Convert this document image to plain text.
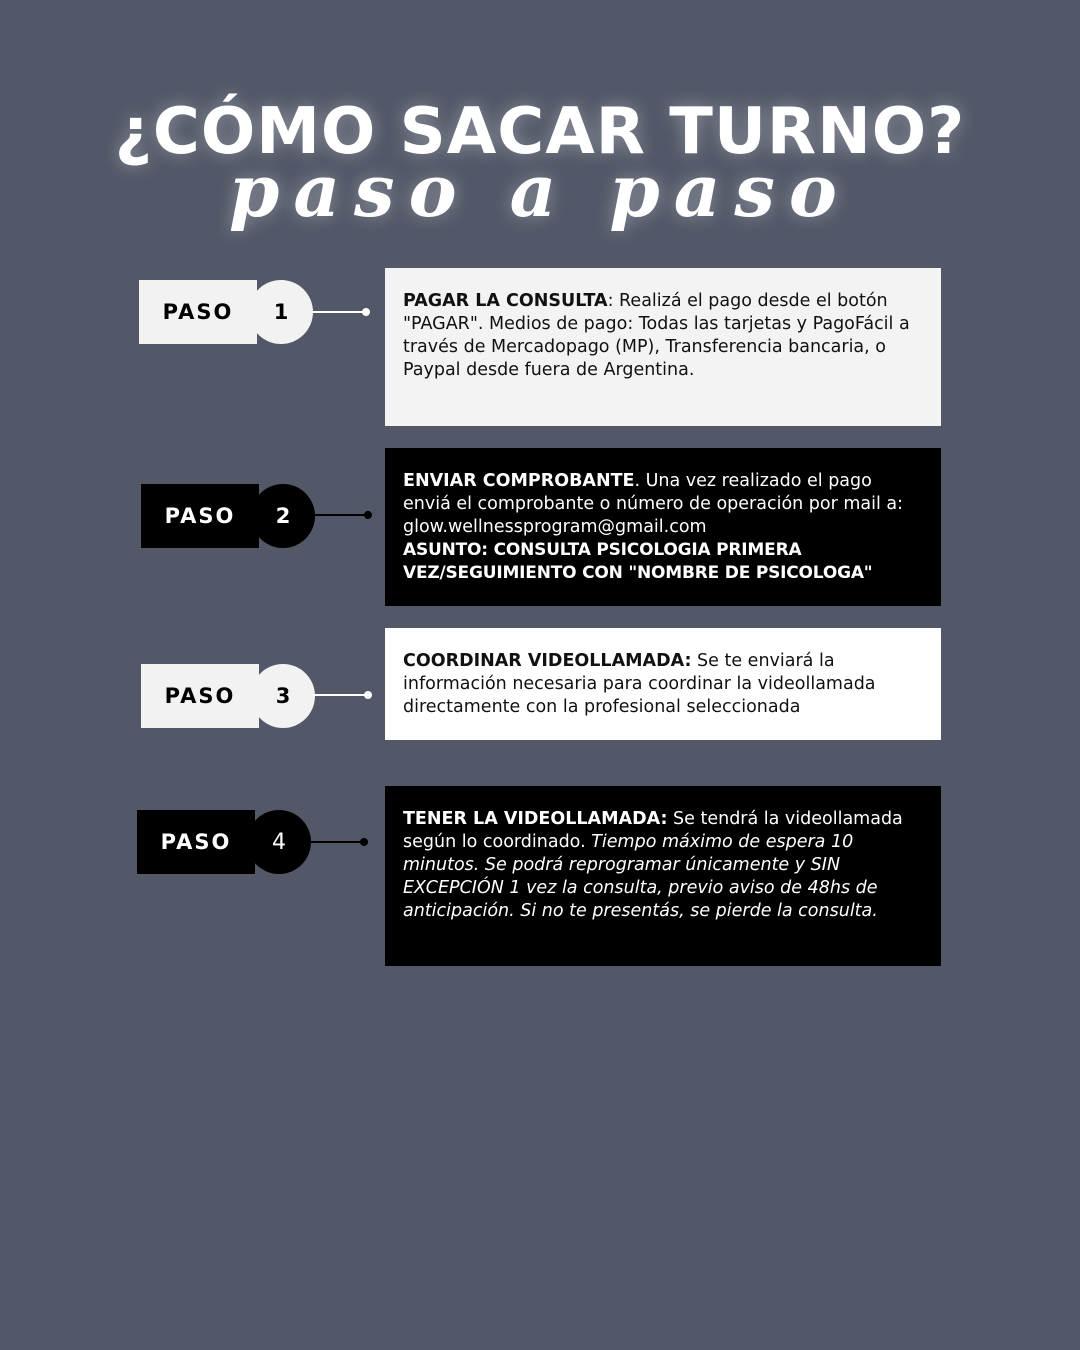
¿CÓMO SACAR TURNO?
paso a paso
PASO	1	PAGAR LA CONSULTA: Realizá el pago desde el botón "PAGAR". Medios de pago: Todas las tarjetas y PagoFácil a través de Mercadopago (MP), Transferencia bancaria, o Paypal desde fuera de Argentina.
PASO	2
ENVIAR COMPROBANTE. Una vez realizado el pago enviá el comprobante o número de operación por mail a: glow.wellnessprogram@gmail.com
ASUNTO: CONSULTA PSICOLOGIA PRIMERA VEZ/SEGUIMIENTO CON "NOMBRE DE PSICOLOGA"
PASO	3
COORDINAR VIDEOLLAMADA: Se te enviará la información necesaria para coordinar la videollamada directamente con la profesional seleccionada
PASO	4
TENER LA VIDEOLLAMADA: Se tendrá la videollamada según lo coordinado. Tiempo máximo de espera 10 minutos. Se podrá reprogramar únicamente y SIN EXCEPCIÓN 1 vez la consulta, previo aviso de 48hs de anticipación. Si no te presentás, se pierde la consulta.
